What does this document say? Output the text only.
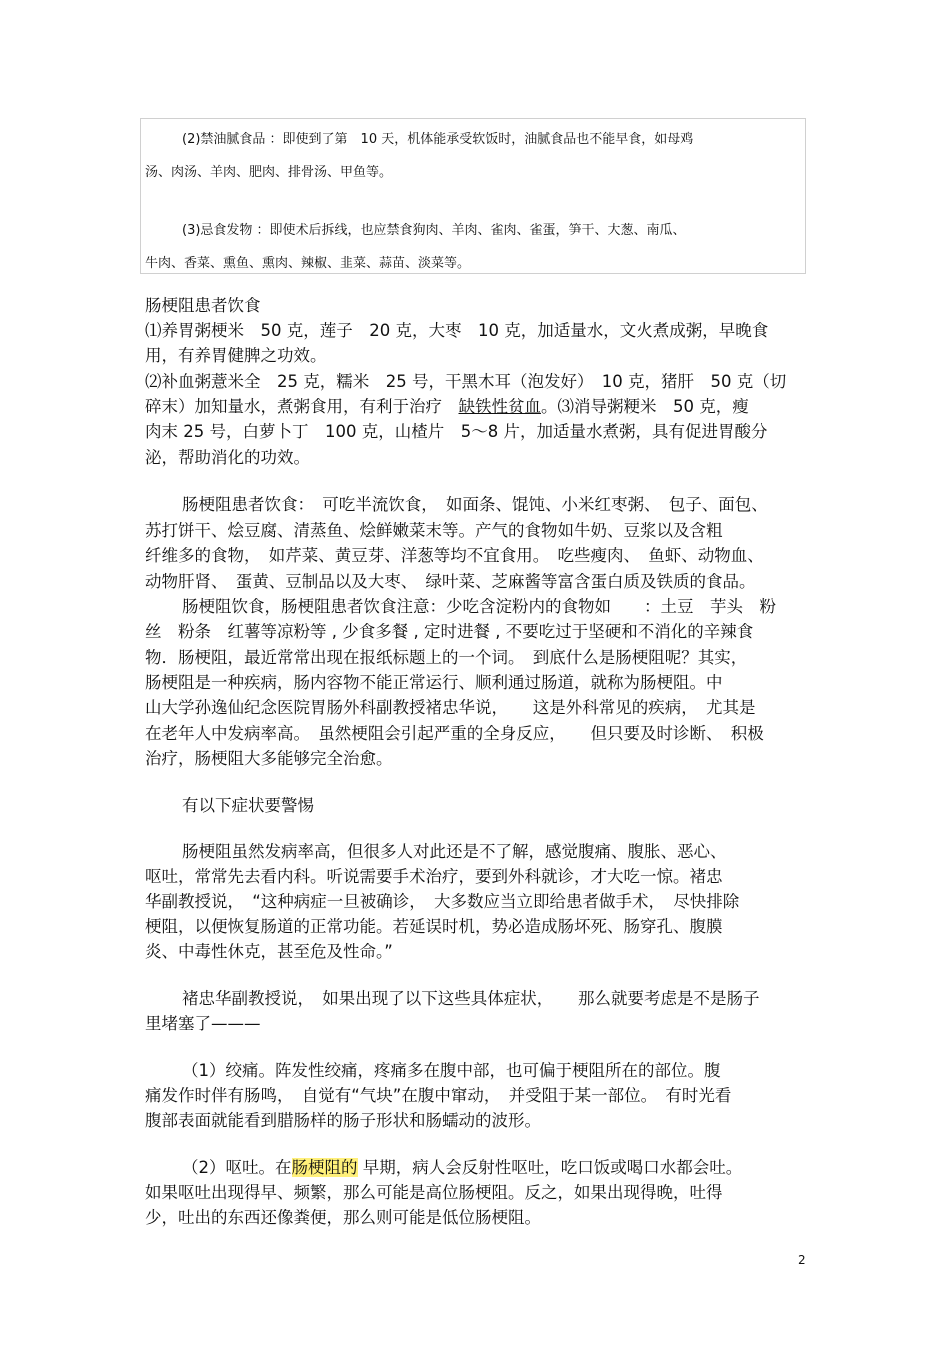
(2)禁油腻食品 ：即使到了第　10 天，机体能承受软饭时，油腻食品也不能早食，如母鸡
汤、肉汤、羊肉、肥肉、排骨汤、甲鱼等。
(3)忌食发物 ：即使术后拆线，也应禁食狗肉、羊肉、雀肉、雀蛋，笋干、大葱、南瓜、
牛肉、香菜、熏鱼、熏肉、辣椒、韭菜、蒜苗、淡菜等。
肠梗阻患者饮食
⑴养胃粥梗米　50 克，莲子　20 克，大枣　10 克，加适量水，文火煮成粥，早晚食
用，有养胃健脾之功效。
⑵补血粥薏米全　25 克，糯米　25 号，干黑木耳（泡发好）　10 克，猪肝　50 克（切
碎末）加知量水，煮粥食用，有利于治疗　缺铁性贫血。⑶消导粥粳米　50 克，瘦
肉末 25 号，白萝卜丁　100 克，山楂片　5～8 片，加适量水煮粥，具有促进胃酸分
泌，帮助消化的功效。
肠梗阻患者饮食：　可吃半流饮食，　如面条、馄饨、小米红枣粥、　包子、面包、
苏打饼干、烩豆腐、清蒸鱼、烩鲜嫩菜末等。产气的食物如牛奶、豆浆以及含粗
纤维多的食物，　如芹菜、黄豆芽、洋葱等均不宜食用。　吃些瘦肉、　鱼虾、动物血、
动物肝肾、　蛋黄、豆制品以及大枣、　绿叶菜、芝麻酱等富含蛋白质及铁质的食品。
肠梗阻饮食，肠梗阻患者饮食注意：少吃含淀粉内的食物如　　：土豆　芋头　粉
丝　粉条　红薯等凉粉等 , 少食多餐 , 定时进餐 , 不要吃过于坚硬和不消化的辛辣食
物．肠梗阻，最近常常出现在报纸标题上的一个词。　到底什么是肠梗阻呢？其实，
肠梗阻是一种疾病，肠内容物不能正常运行、顺利通过肠道，就称为肠梗阻。中
山大学孙逸仙纪念医院胃肠外科副教授褚忠华说，　　这是外科常见的疾病，　尤其是
在老年人中发病率高。　虽然梗阻会引起严重的全身反应，　　但只要及时诊断、　积极
治疗，肠梗阻大多能够完全治愈。
有以下症状要警惕
肠梗阻虽然发病率高，但很多人对此还是不了解，感觉腹痛、腹胀、恶心、
呕吐，常常先去看内科。听说需要手术治疗，要到外科就诊，才大吃一惊。褚忠
华副教授说，　“这种病症一旦被确诊，　大多数应当立即给患者做手术，　尽快排除
梗阻，以便恢复肠道的正常功能。若延误时机，势必造成肠坏死、肠穿孔、腹膜
炎、中毒性休克，甚至危及性命。”
褚忠华副教授说，　如果出现了以下这些具体症状，　　那么就要考虑是不是肠子
里堵塞了———
（1）绞痛。阵发性绞痛，疼痛多在腹中部，也可偏于梗阻所在的部位。腹
痛发作时伴有肠鸣，　自觉有“气块”在腹中窜动，　并受阻于某一部位。　有时光看
腹部表面就能看到腊肠样的肠子形状和肠蠕动的波形。
（2）呕吐。在肠梗阻的 早期，病人会反射性呕吐，吃口饭或喝口水都会吐。
如果呕吐出现得早、频繁，那么可能是高位肠梗阻。反之，如果出现得晚，吐得
少，吐出的东西还像粪便，那么则可能是低位肠梗阻。
2
